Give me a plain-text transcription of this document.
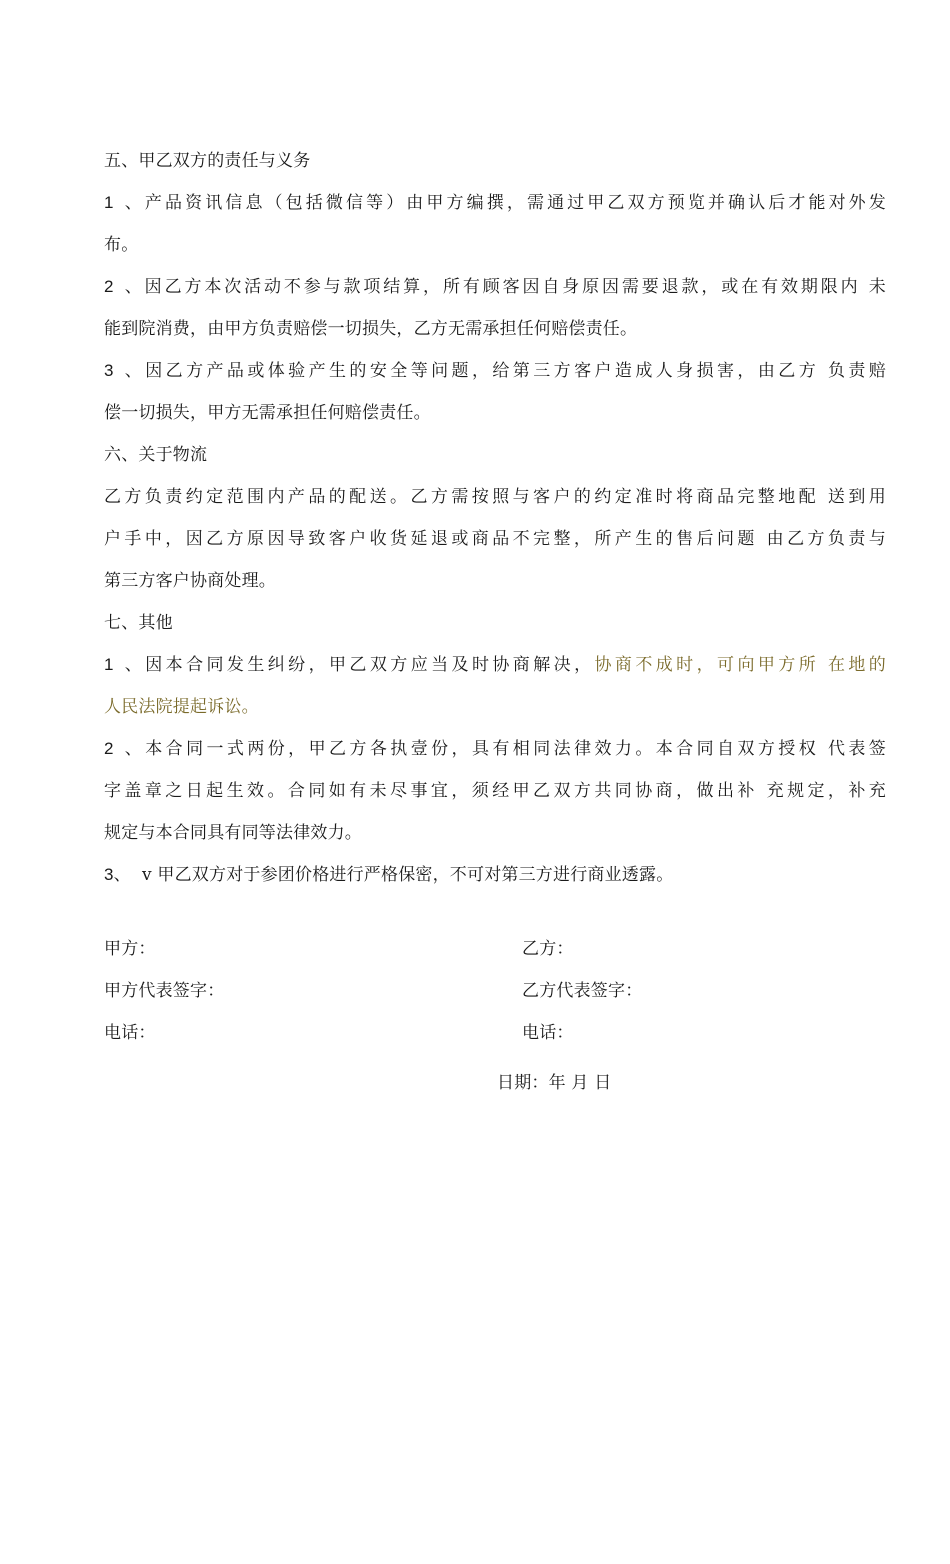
五、甲乙双方的责任与义务
1、产品资讯信息（包括微信等）由甲方编撰，需通过甲乙双方预览并确认后才能对外发
布。
2、因乙方本次活动不参与款项结算，所有顾客因自身原因需要退款，或在有效期限内 未
能到院消费，由甲方负责赔偿一切损失，乙方无需承担任何赔偿责任。
3、因乙方产品或体验产生的安全等问题，给第三方客户造成人身损害，由乙方 负责赔
偿一切损失，甲方无需承担任何赔偿责任。
六、关于物流
乙方负责约定范围内产品的配送。乙方需按照与客户的约定准时将商品完整地配 送到用
户手中，因乙方原因导致客户收货延退或商品不完整，所产生的售后问题 由乙方负责与
第三方客户协商处理。
七、其他
1、因本合同发生纠纷，甲乙双方应当及时协商解决，协商不成时，可向甲方所 在地的
人民法院提起诉讼。
2、本合同一式两份，甲乙方各执壹份，具有相同法律效力。本合同自双方授权 代表签
字盖章之日起生效。合同如有未尽事宜，须经甲乙双方共同协商，做出补 充规定，补充
规定与本合同具有同等法律效力。
3、 v 甲乙双方对于参团价格进行严格保密，不可对第三方进行商业透露。
甲方：	乙方：
甲方代表签字：	乙方代表签字：
电话：	电话：
日期：年 月 日
